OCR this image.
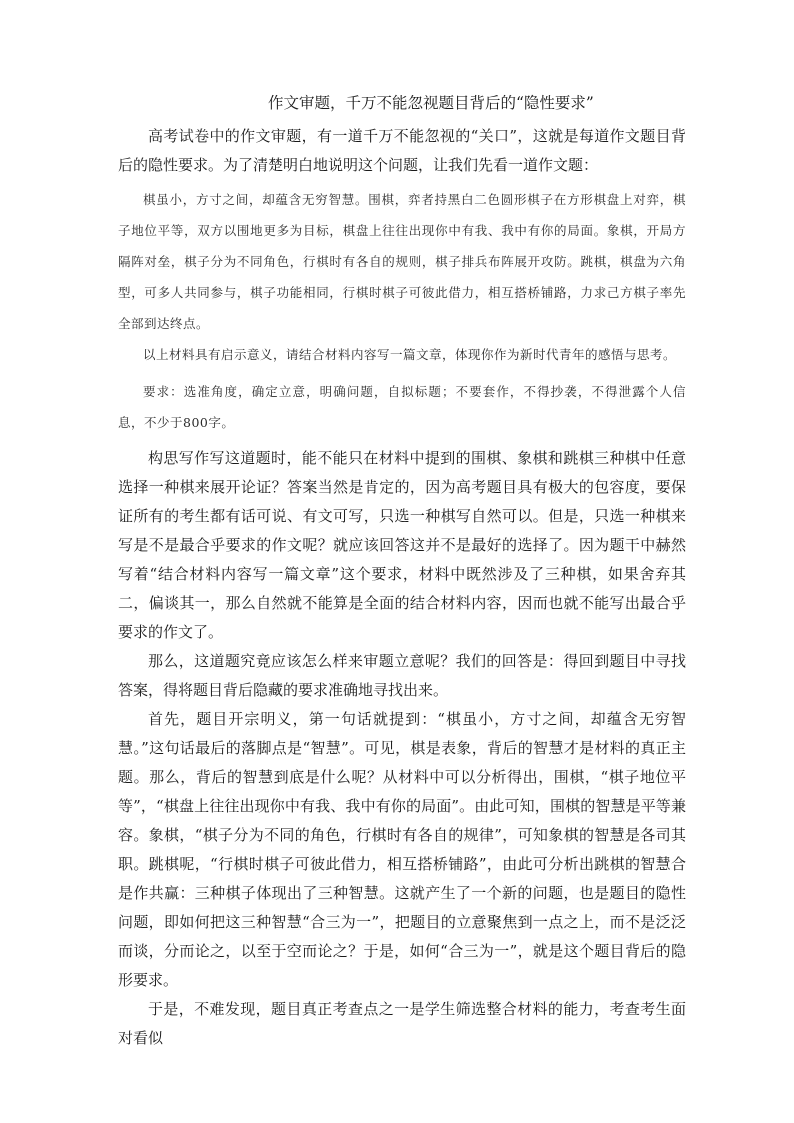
作文审题，千万不能忽视题目背后的“隐性要求”

高考试卷中的作文审题，有一道千万不能忽视的“关口”，这就是每道作文题目背后的隐性要求。为了清楚明白地说明这个问题，让我们先看一道作文题：

棋虽小，方寸之间，却蕴含无穷智慧。围棋，弈者持黑白二色圆形棋子在方形棋盘上对弈，棋子地位平等，双方以围地更多为目标，棋盘上往往出现你中有我、我中有你的局面。象棋，开局方隔阵对垒，棋子分为不同角色，行棋时有各自的规则，棋子排兵布阵展开攻防。跳棋，棋盘为六角型，可多人共同参与，棋子功能相同，行棋时棋子可彼此借力，相互搭桥铺路，力求己方棋子率先全部到达终点。

以上材料具有启示意义，请结合材料内容写一篇文章，体现你作为新时代青年的感悟与思考。

要求：选准角度，确定立意，明确问题，自拟标题；不要套作，不得抄袭，不得泄露个人信息，不少于800字。

构思写作写这道题时，能不能只在材料中提到的围棋、象棋和跳棋三种棋中任意选择一种棋来展开论证？答案当然是肯定的，因为高考题目具有极大的包容度，要保证所有的考生都有话可说、有文可写，只选一种棋写自然可以。但是，只选一种棋来写是不是最合乎要求的作文呢？就应该回答这并不是最好的选择了。因为题干中赫然写着“结合材料内容写一篇文章”这个要求，材料中既然涉及了三种棋，如果舍弃其二，偏谈其一，那么自然就不能算是全面的结合材料内容，因而也就不能写出最合乎要求的作文了。

那么，这道题究竟应该怎么样来审题立意呢？我们的回答是：得回到题目中寻找答案，得将题目背后隐藏的要求准确地寻找出来。

首先，题目开宗明义，第一句话就提到：“棋虽小，方寸之间，却蕴含无穷智慧。”这句话最后的落脚点是“智慧”。可见，棋是表象，背后的智慧才是材料的真正主题。那么，背后的智慧到底是什么呢？从材料中可以分析得出，围棋，“棋子地位平等”，“棋盘上往往出现你中有我、我中有你的局面”。由此可知，围棋的智慧是平等兼容。象棋，“棋子分为不同的角色，行棋时有各自的规律”，可知象棋的智慧是各司其职。跳棋呢，“行棋时棋子可彼此借力，相互搭桥铺路”，由此可分析出跳棋的智慧合是作共赢：三种棋子体现出了三种智慧。这就产生了一个新的问题，也是题目的隐性问题，即如何把这三种智慧“合三为一”，把题目的立意聚焦到一点之上，而不是泛泛而谈，分而论之，以至于空而论之？于是，如何“合三为一”，就是这个题目背后的隐形要求。

于是，不难发现，题目真正考查点之一是学生筛选整合材料的能力，考查考生面对看似
